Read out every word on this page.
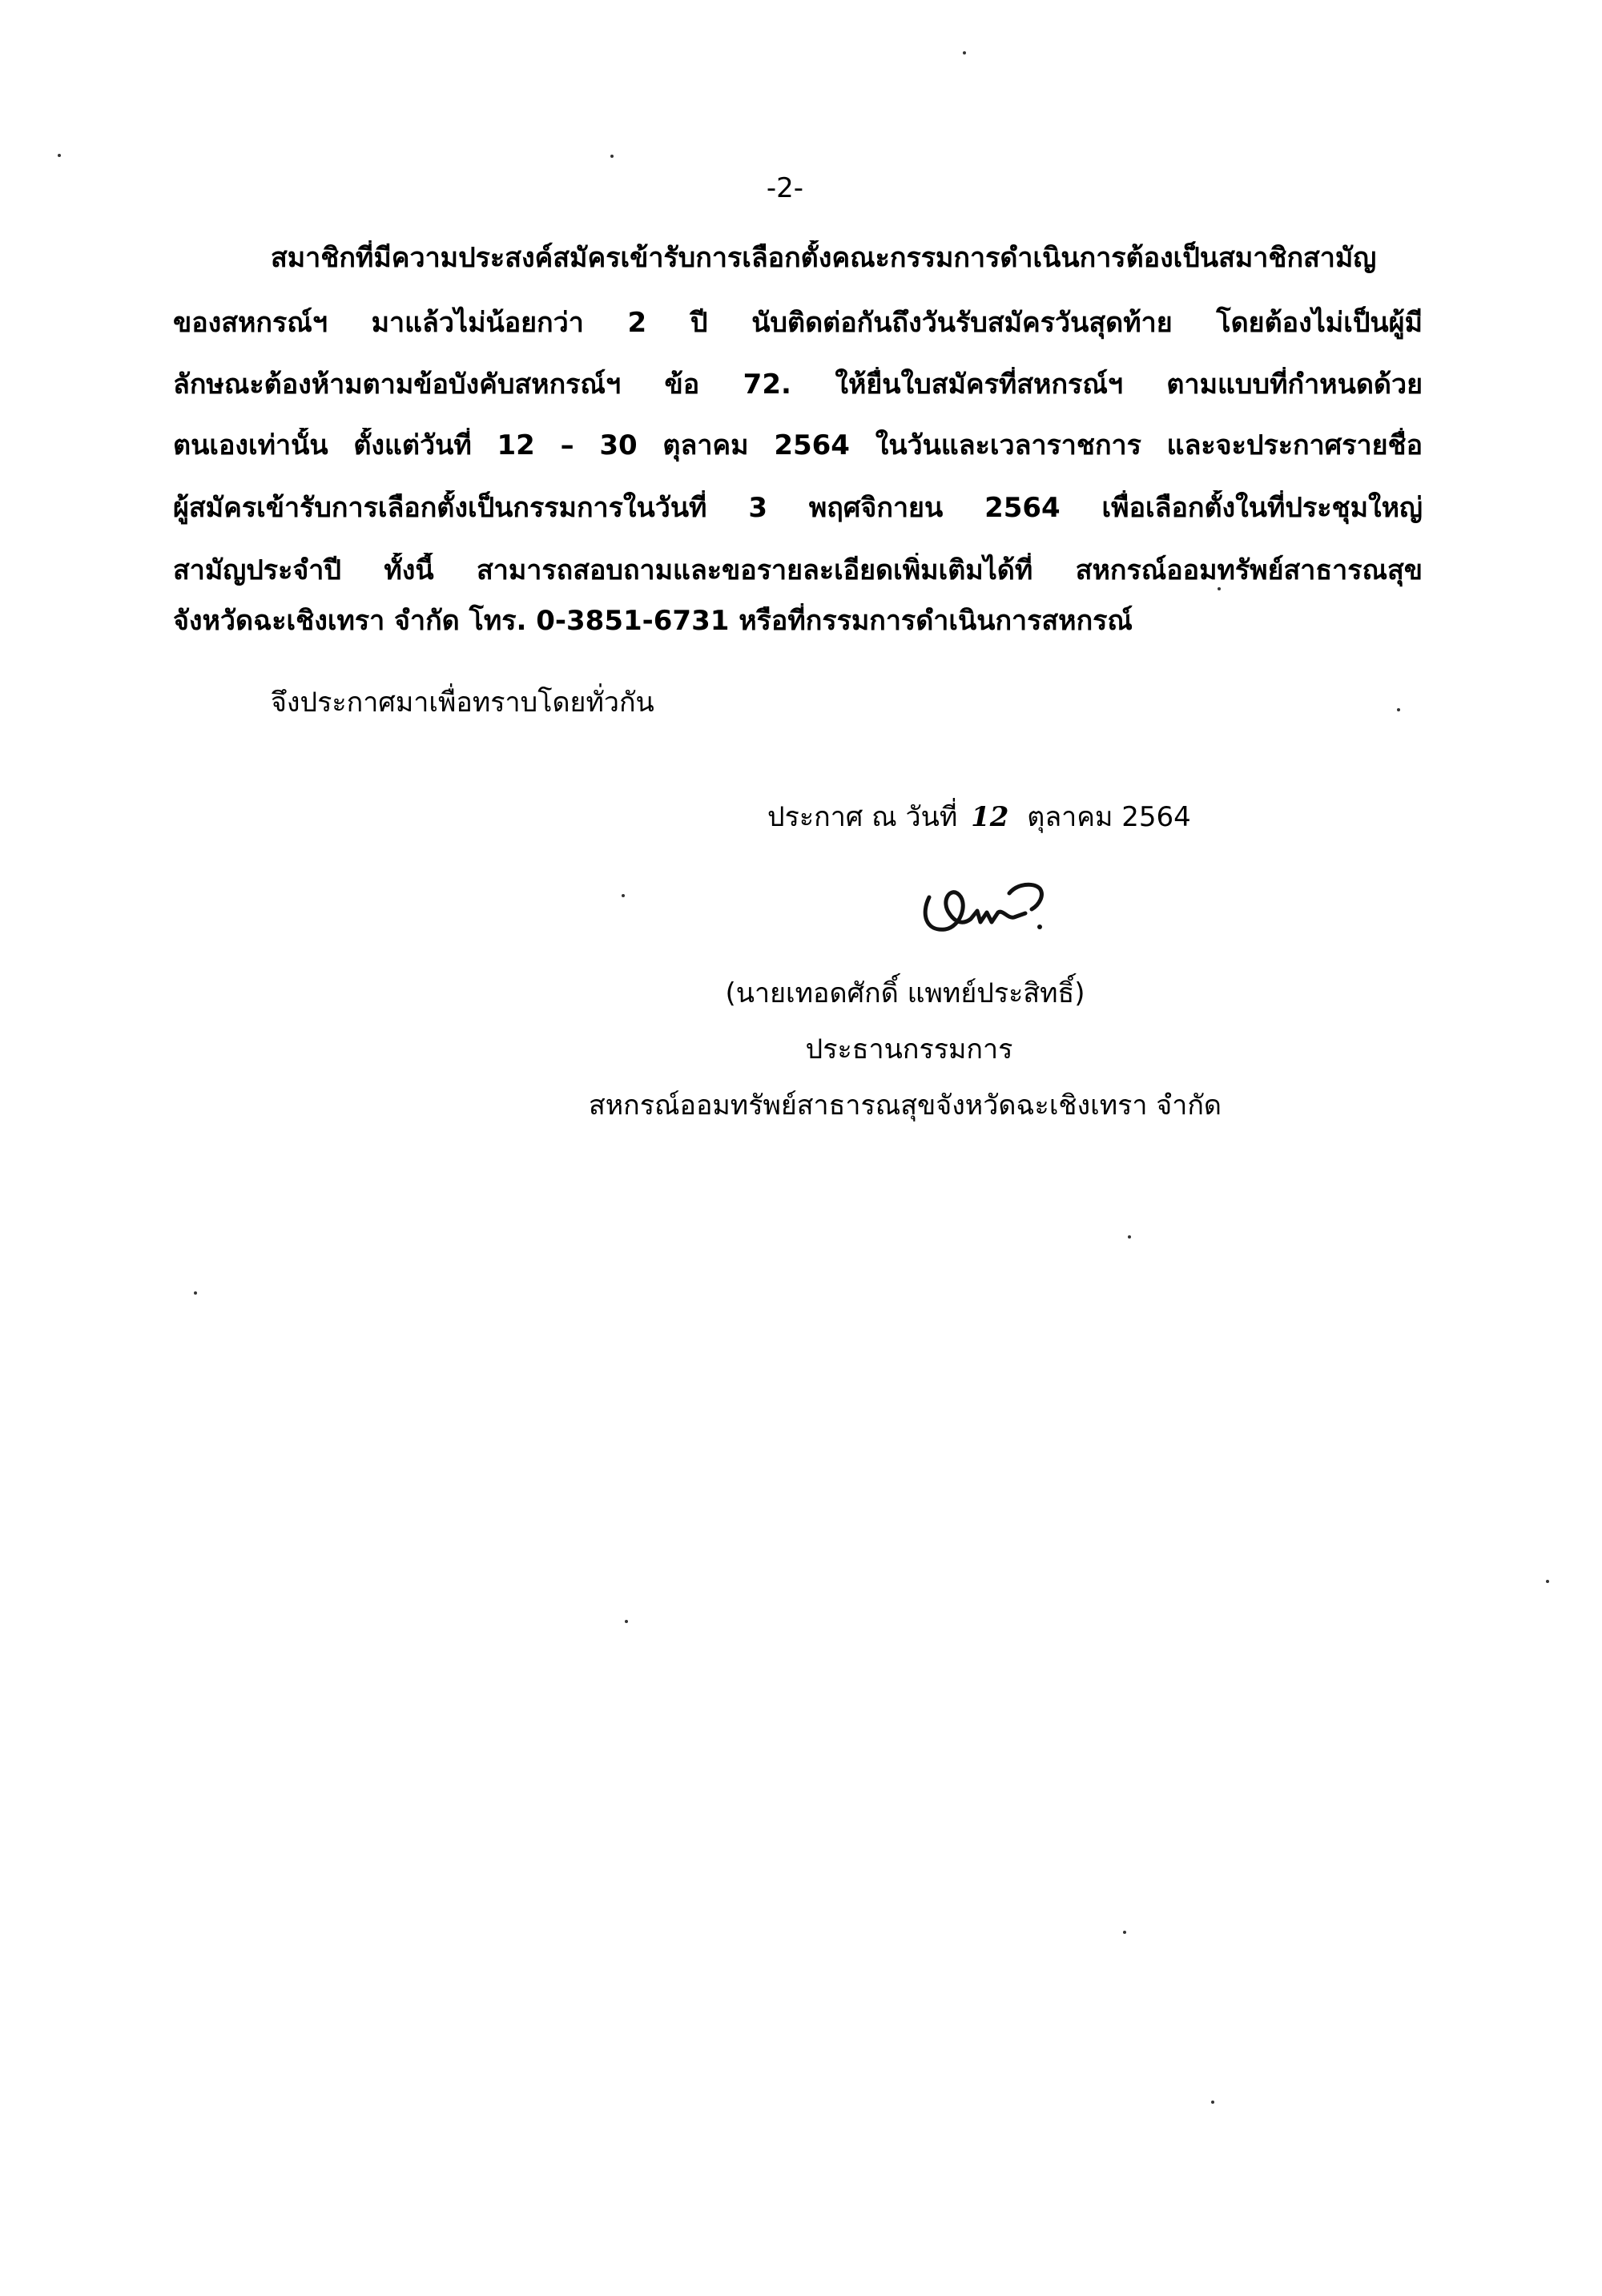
-2-
สมาชิกที่มีความประสงค์สมัครเข้ารับการเลือกตั้งคณะกรรมการดำเนินการต้องเป็นสมาชิกสามัญ
ของสหกรณ์ฯ มาแล้วไม่น้อยกว่า 2 ปี นับติดต่อกันถึงวันรับสมัครวันสุดท้าย โดยต้องไม่เป็นผู้มี
ลักษณะต้องห้ามตามข้อบังคับสหกรณ์ฯ ข้อ 72. ให้ยื่นใบสมัครที่สหกรณ์ฯ ตามแบบที่กำหนดด้วย
ตนเองเท่านั้น ตั้งแต่วันที่ 12 – 30 ตุลาคม 2564 ในวันและเวลาราชการ และจะประกาศรายชื่อ
ผู้สมัครเข้ารับการเลือกตั้งเป็นกรรมการในวันที่ 3 พฤศจิกายน 2564 เพื่อเลือกตั้งในที่ประชุมใหญ่
สามัญประจำปี ทั้งนี้ สามารถสอบถามและขอรายละเอียดเพิ่มเติมได้ที่ สหกรณ์ออมทรัพย์สาธารณสุข
จังหวัดฉะเชิงเทรา จำกัด โทร. 0-3851-6731 หรือที่กรรมการดำเนินการสหกรณ์
จึงประกาศมาเพื่อทราบโดยทั่วกัน
ประกาศ ณ วันที่ 12 ตุลาคม 2564
(นายเทอดศักดิ์ แพทย์ประสิทธิ์)
ประธานกรรมการ
สหกรณ์ออมทรัพย์สาธารณสุขจังหวัดฉะเชิงเทรา จำกัด
